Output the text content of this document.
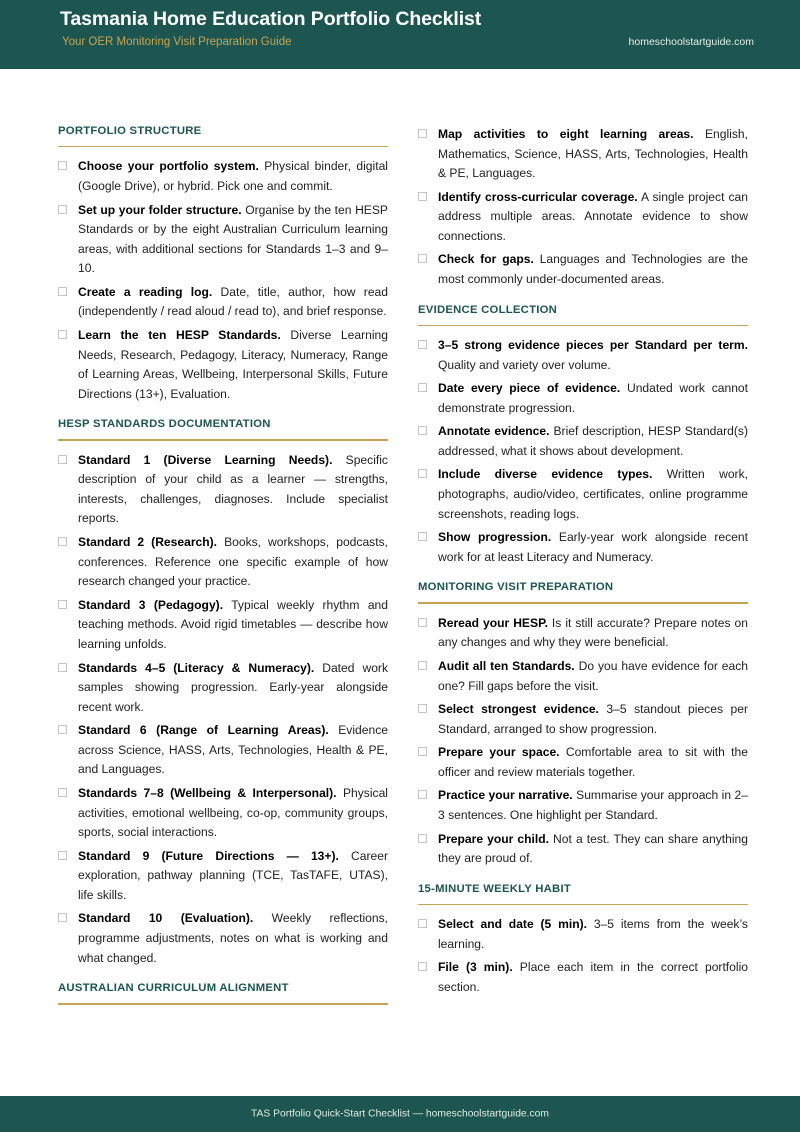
Tasmania Home Education Portfolio Checklist
Your OER Monitoring Visit Preparation Guide	homeschoolstartguide.com
PORTFOLIO STRUCTURE
Choose your portfolio system. Physical binder, digital (Google Drive), or hybrid. Pick one and commit.
Set up your folder structure. Organise by the ten HESP Standards or by the eight Australian Curriculum learning areas, with additional sections for Standards 1–3 and 9–10.
Create a reading log. Date, title, author, how read (independently / read aloud / read to), and brief response.
Learn the ten HESP Standards. Diverse Learning Needs, Research, Pedagogy, Literacy, Numeracy, Range of Learning Areas, Wellbeing, Interpersonal Skills, Future Directions (13+), Evaluation.
HESP STANDARDS DOCUMENTATION
Standard 1 (Diverse Learning Needs). Specific description of your child as a learner — strengths, interests, challenges, diagnoses. Include specialist reports.
Standard 2 (Research). Books, workshops, podcasts, conferences. Reference one specific example of how research changed your practice.
Standard 3 (Pedagogy). Typical weekly rhythm and teaching methods. Avoid rigid timetables — describe how learning unfolds.
Standards 4–5 (Literacy & Numeracy). Dated work samples showing progression. Early-year alongside recent work.
Standard 6 (Range of Learning Areas). Evidence across Science, HASS, Arts, Technologies, Health & PE, and Languages.
Standards 7–8 (Wellbeing & Interpersonal). Physical activities, emotional wellbeing, co-op, community groups, sports, social interactions.
Standard 9 (Future Directions — 13+). Career exploration, pathway planning (TCE, TasTAFE, UTAS), life skills.
Standard 10 (Evaluation). Weekly reflections, programme adjustments, notes on what is working and what changed.
AUSTRALIAN CURRICULUM ALIGNMENT
Map activities to eight learning areas. English, Mathematics, Science, HASS, Arts, Technologies, Health & PE, Languages.
Identify cross-curricular coverage. A single project can address multiple areas. Annotate evidence to show connections.
Check for gaps. Languages and Technologies are the most commonly under-documented areas.
EVIDENCE COLLECTION
3–5 strong evidence pieces per Standard per term. Quality and variety over volume.
Date every piece of evidence. Undated work cannot demonstrate progression.
Annotate evidence. Brief description, HESP Standard(s) addressed, what it shows about development.
Include diverse evidence types. Written work, photographs, audio/video, certificates, online programme screenshots, reading logs.
Show progression. Early-year work alongside recent work for at least Literacy and Numeracy.
MONITORING VISIT PREPARATION
Reread your HESP. Is it still accurate? Prepare notes on any changes and why they were beneficial.
Audit all ten Standards. Do you have evidence for each one? Fill gaps before the visit.
Select strongest evidence. 3–5 standout pieces per Standard, arranged to show progression.
Prepare your space. Comfortable area to sit with the officer and review materials together.
Practice your narrative. Summarise your approach in 2–3 sentences. One highlight per Standard.
Prepare your child. Not a test. They can share anything they are proud of.
15-MINUTE WEEKLY HABIT
Select and date (5 min). 3–5 items from the week’s learning.
File (3 min). Place each item in the correct portfolio section.
TAS Portfolio Quick-Start Checklist — homeschoolstartguide.com
